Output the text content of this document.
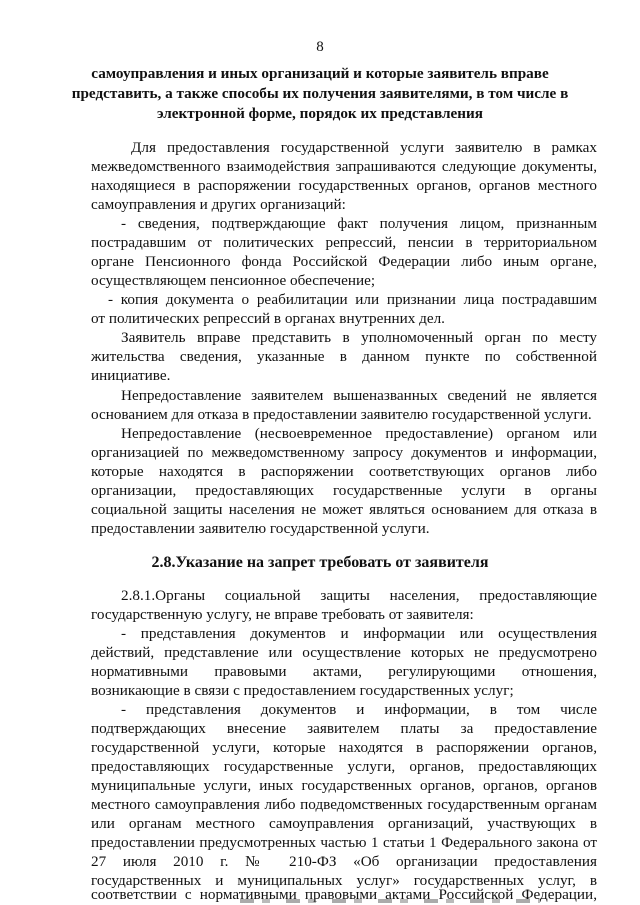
8
самоуправления и иных организаций и которые заявитель вправе
представить, а также способы их получения заявителями, в том числе в
электронной форме, порядок их представления
Для предоставления государственной услуги заявителю в рамках
межведомственного взаимодействия запрашиваются следующие документы,
находящиеся в распоряжении государственных органов, органов местного
самоуправления и других организаций:
- сведения, подтверждающие факт получения лицом, признанным
пострадавшим от политических репрессий, пенсии в территориальном
органе Пенсионного фонда Российской Федерации либо иным органе,
осуществляющем пенсионное обеспечение;
- копия документа о реабилитации или признании лица пострадавшим
от политических репрессий в органах внутренних дел.
Заявитель вправе представить в уполномоченный орган по месту
жительства сведения, указанные в данном пункте по собственной
инициативе.
Непредоставление заявителем вышеназванных сведений не является
основанием для отказа в предоставлении заявителю государственной услуги.
Непредоставление (несвоевременное предоставление) органом или
организацией по межведомственному запросу документов и информации,
которые находятся в распоряжении соответствующих органов либо
организации, предоставляющих государственные услуги в органы
социальной защиты населения не может являться основанием для отказа в
предоставлении заявителю государственной услуги.
2.8.Указание на запрет требовать от заявителя
2.8.1.Органы социальной защиты населения, предоставляющие
государственную услугу, не вправе требовать от заявителя:
- представления документов и информации или осуществления
действий, представление или осуществление которых не предусмотрено
нормативными правовыми актами, регулирующими отношения,
возникающие в связи с предоставлением государственных услуг;
- представления документов и информации, в том числе
подтверждающих внесение заявителем платы за предоставление
государственной услуги, которые находятся в распоряжении органов,
предоставляющих государственные услуги, органов, предоставляющих
муниципальные услуги, иных государственных органов, органов, органов
местного самоуправления либо подведомственных государственным органам
или органам местного самоуправления организаций, участвующих в
предоставлении предусмотренных частью 1 статьи 1 Федерального закона от
27 июля 2010 г. № 210-ФЗ «Об организации предоставления
государственных и муниципальных услуг» государственных услуг, в
соответствии с нормативными правовыми актами Российской Федерации,
